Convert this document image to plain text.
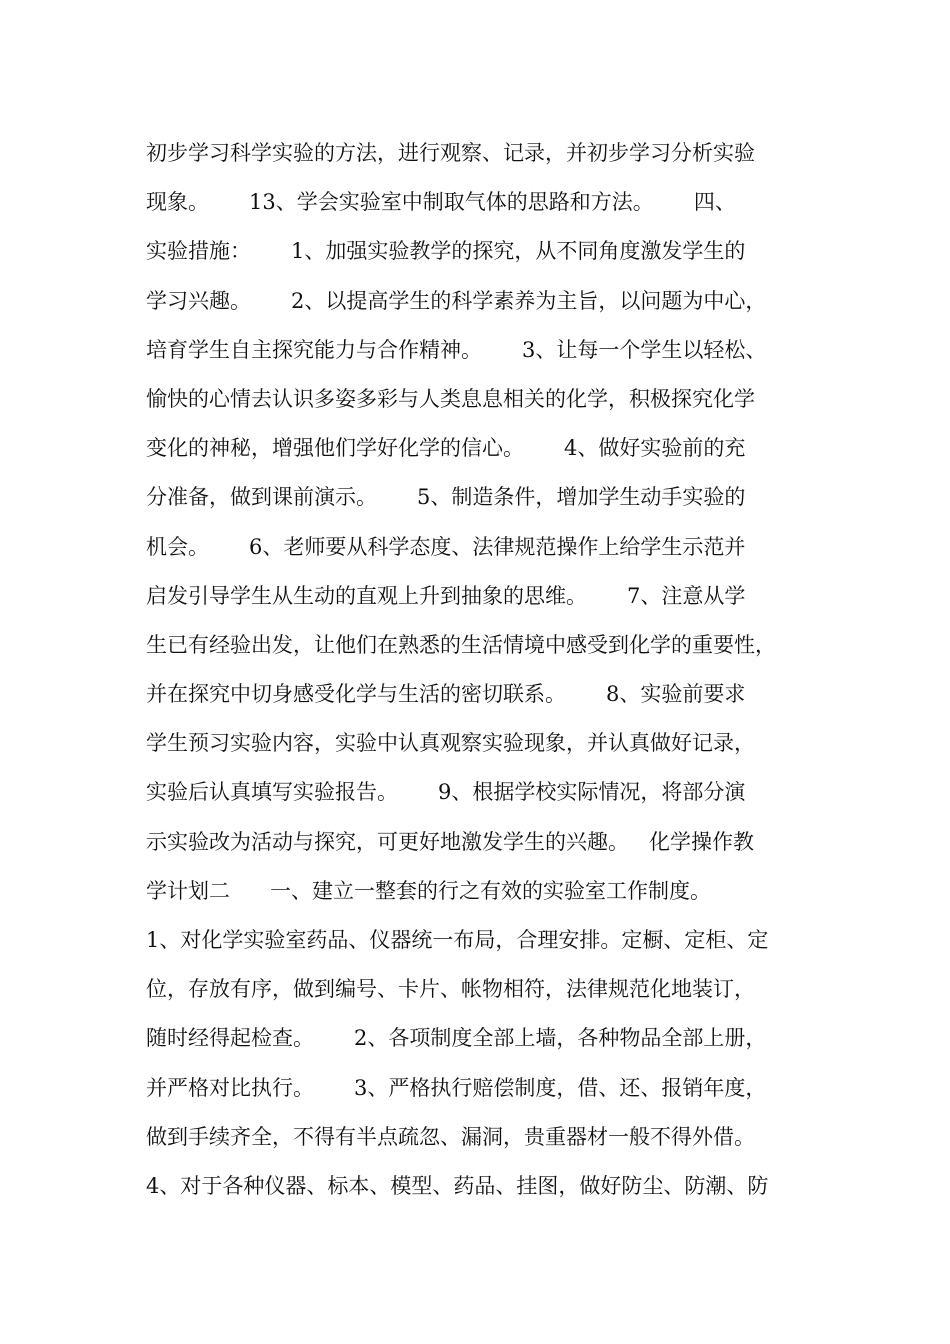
初步学习科学实验的方法，进行观察、记录，并初步学习分析实验
现象。      13、学会实验室中制取气体的思路和方法。      四、
实验措施：      1、加强实验教学的探究，从不同角度激发学生的
学习兴趣。      2、以提高学生的科学素养为主旨，以问题为中心，
培育学生自主探究能力与合作精神。      3、让每一个学生以轻松、
愉快的心情去认识多姿多彩与人类息息相关的化学，积极探究化学
变化的神秘，增强他们学好化学的信心。      4、做好实验前的充
分准备，做到课前演示。      5、制造条件，增加学生动手实验的
机会。      6、老师要从科学态度、法律规范操作上给学生示范并
启发引导学生从生动的直观上升到抽象的思维。      7、注意从学
生已有经验出发，让他们在熟悉的生活情境中感受到化学的重要性，
并在探究中切身感受化学与生活的密切联系。      8、实验前要求
学生预习实验内容，实验中认真观察实验现象，并认真做好记录，
实验后认真填写实验报告。      9、根据学校实际情况，将部分演
示实验改为活动与探究，可更好地激发学生的兴趣。   化学操作教
学计划二      一、建立一整套的行之有效的实验室工作制度。
1、对化学实验室药品、仪器统一布局，合理安排。定橱、定柜、定
位，存放有序，做到编号、卡片、帐物相符，法律规范化地装订，
随时经得起检查。      2、各项制度全部上墙，各种物品全部上册，
并严格对比执行。      3、严格执行赔偿制度，借、还、报销年度，
做到手续齐全，不得有半点疏忽、漏洞，贵重器材一般不得外借。
4、对于各种仪器、标本、模型、药品、挂图，做好防尘、防潮、防
